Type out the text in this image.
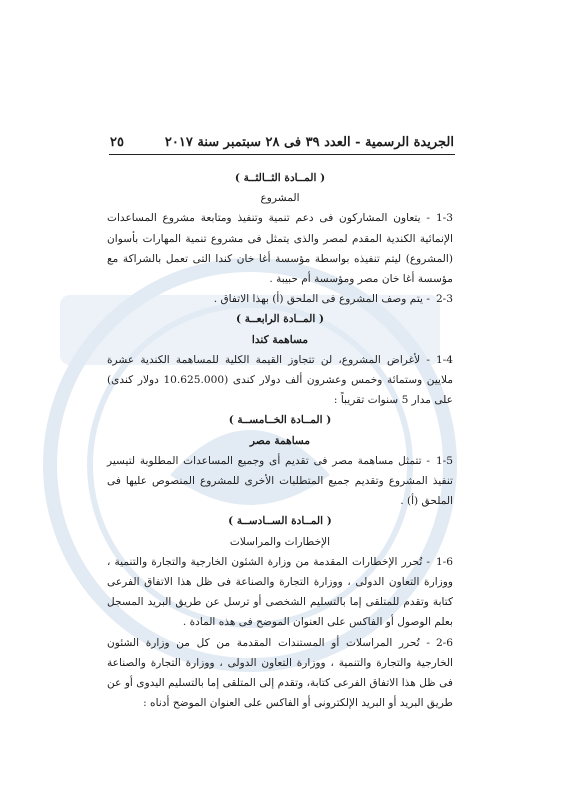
الجريدة الرسمية - العدد ٣٩ فى ٢٨ سبتمبر سنة ٢٠١٧
٢٥

( المــادة الثــالثــة )

المشروع

1-3- يتعاون المشاركون فى دعم تنمية وتنفيذ ومتابعة مشروع المساعدات الإنمائية الكندية المقدم لمصر والذى يتمثل فى مشروع تنمية المهارات بأسوان (المشروع) ليتم تنفيذه بواسطة مؤسسة أغا خان كندا التى تعمل بالشراكة مع مؤسسة أغا خان مصر ومؤسسة أم حبيبة .

2-3- يتم وصف المشروع فى الملحق (أ) بهذا الاتفاق .

( المــادة الرابعــة )

مساهمة كندا

1-4- لأغراض المشروع، لن تتجاوز القيمة الكلية للمساهمة الكندية عشرة ملايين وستمائة وخمس وعشرون ألف دولار كندى (10.625.000 دولار كندى) على مدار 5 سنوات تقريباً :

( المــادة الخــامســة )

مساهمة مصر

1-5- تتمثل مساهمة مصر فى تقديم أى وجميع المساعدات المطلوبة لتيسير تنفيذ المشروع وتقديم جميع المتطلبات الأخرى للمشروع المنصوص عليها فى الملحق (أ) .

( المــادة الســادســة )

الإخطارات والمراسلات

1-6- تُحرر الإخطارات المقدمة من وزارة الشئون الخارجية والتجارة والتنمية ، ووزارة التعاون الدولى ، ووزارة التجارة والصناعة فى ظل هذا الاتفاق الفرعى كتابة وتقدم للمتلقى إما بالتسليم الشخصى أو ترسل عن طريق البريد المسجل بعلم الوصول أو الفاكس على العنوان الموضح فى هذه المادة .

2-6- تُحرر المراسلات أو المستندات المقدمة من كل من وزارة الشئون الخارجية والتجارة والتنمية ، ووزارة التعاون الدولى ، ووزارة التجارة والصناعة فى ظل هذا الاتفاق الفرعى كتابة، وتقدم إلى المتلقى إما بالتسليم اليدوى أو عن طريق البريد أو البريد الإلكترونى أو الفاكس على العنوان الموضح أدناه :
